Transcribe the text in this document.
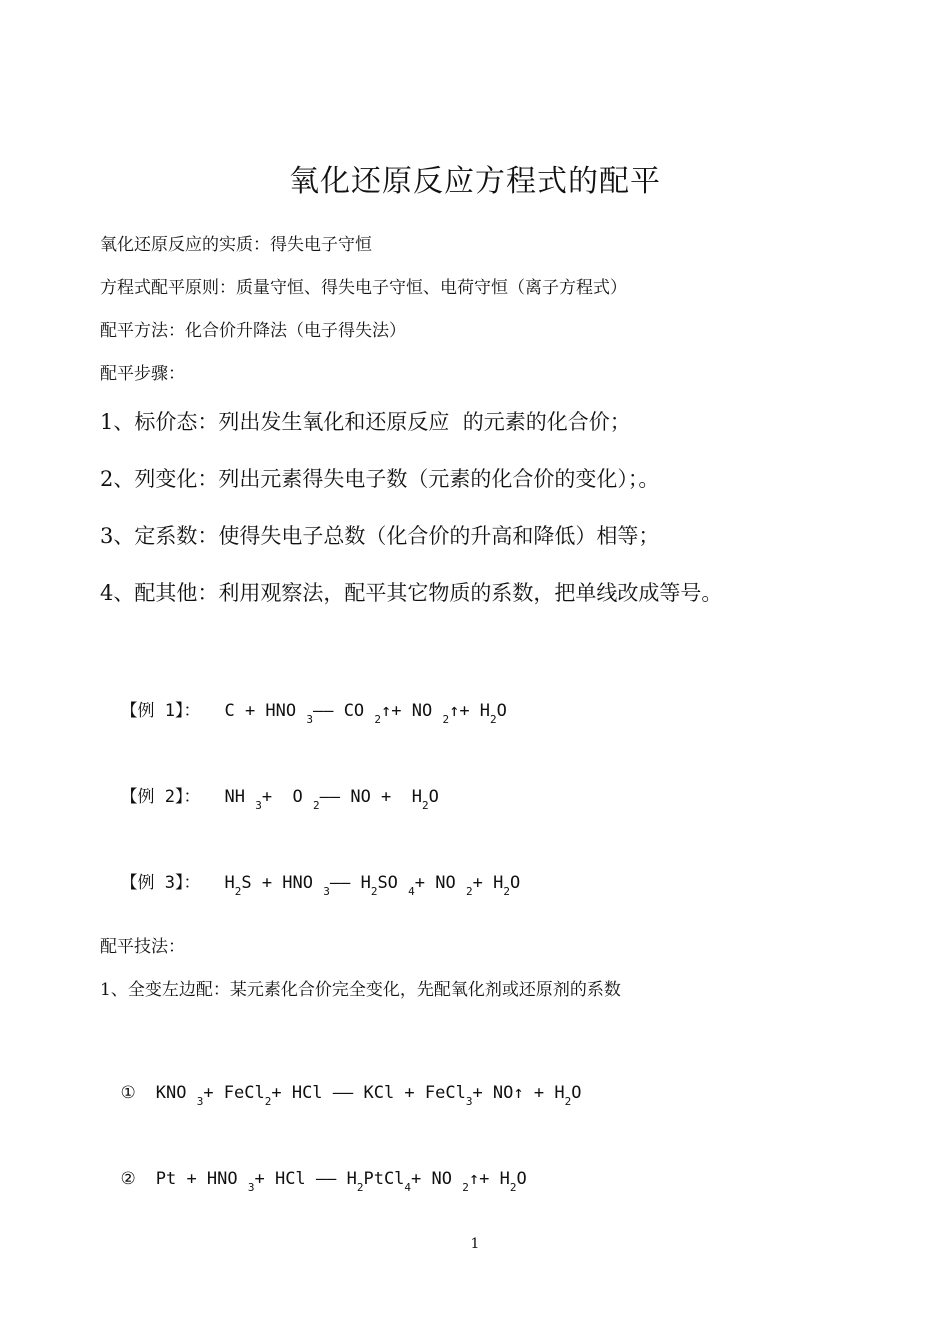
氧化还原反应方程式的配平
氧化还原反应的实质：得失电子守恒
方程式配平原则：质量守恒、得失电子守恒、电荷守恒（离子方程式）
配平方法：化合价升降法（电子得失法）
配平步骤：
1、标价态：列出发生氧化和还原反应  的元素的化合价；
2、列变化：列出元素得失电子数（元素的化合价的变化）；。
3、定系数：使得失电子总数（化合价的升高和降低）相等；
4、配其他：利用观察法，配平其它物质的系数，把单线改成等号。

【例 1】： C + HNO $_3$—— CO $_2$↑+ NO $_2$↑+ $H_2O$

【例 2】： NH $_3$+  O $_2$—— NO +  $H_2O$

【例 3】： $H_2S$ + HNO $_3$—— $H_2SO$ $_4$+ NO $_2+ H_2O$

配平技法：
1、全变左边配：某元素化合价完全变化，先配氧化剂或还原剂的系数

① KNO $_3$+ FeCl$_2$+ HCl —— KCl + FeCl$_3$+ NO↑ + $H_2O$

② Pt + HNO $_3$+ HCl —— $H_2PtCl_4+$ NO $_2$↑+ $H_2O$

1
